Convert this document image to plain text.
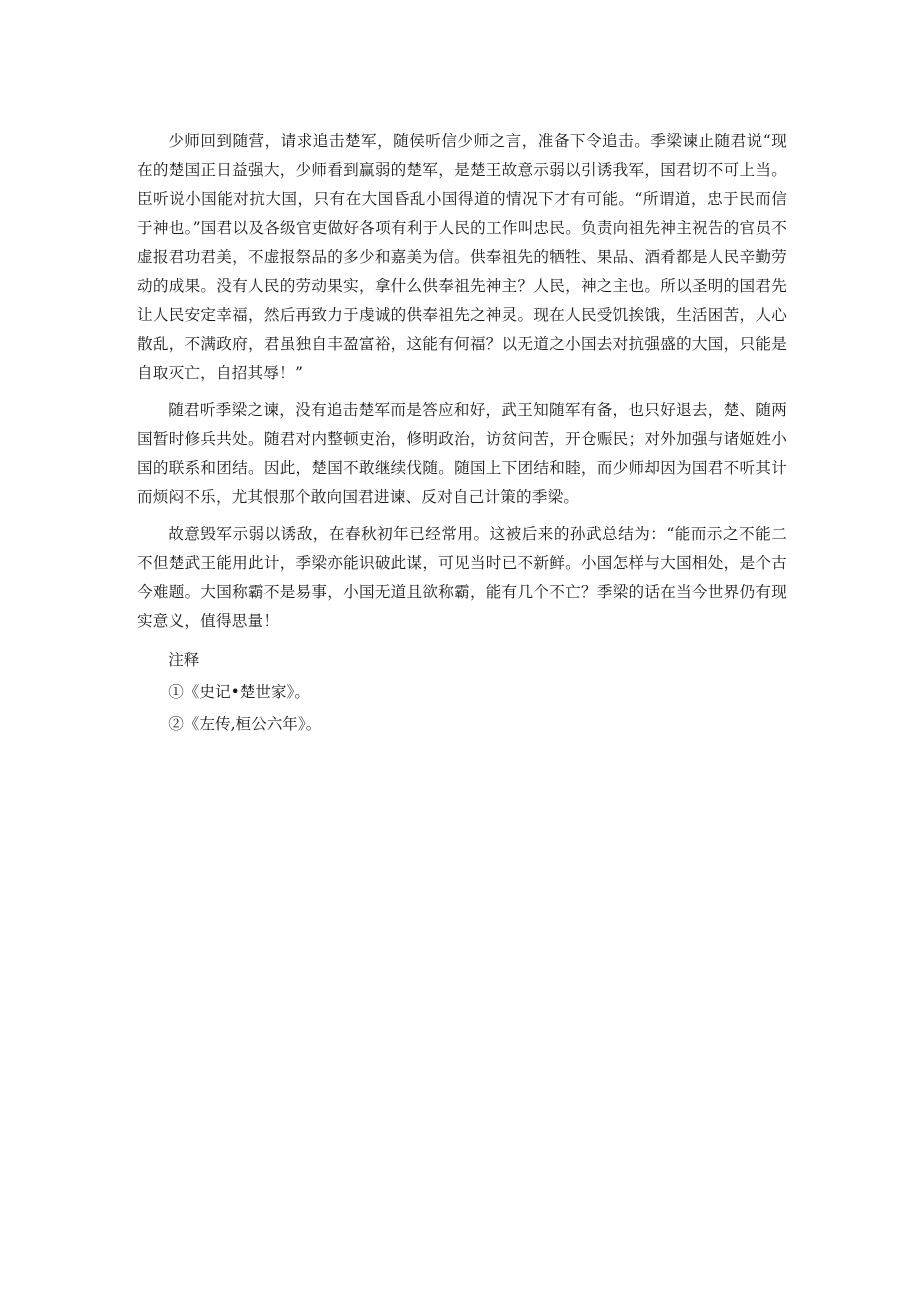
少师回到随营，请求追击楚军，随侯听信少师之言，准备下令追击。季梁谏止随君说“现在的楚国正日益强大，少师看到赢弱的楚军，是楚王故意示弱以引诱我军，国君切不可上当。臣听说小国能对抗大国，只有在大国昏乱小国得道的情况下才有可能。“所谓道，忠于民而信于神也。”国君以及各级官吏做好各项有利于人民的工作叫忠民。负责向祖先神主祝告的官员不虚报君功君美，不虚报祭品的多少和嘉美为信。供奉祖先的牺牲、果品、酒肴都是人民辛勤劳动的成果。没有人民的劳动果实，拿什么供奉祖先神主？人民，神之主也。所以圣明的国君先让人民安定幸福，然后再致力于虔诚的供奉祖先之神灵。现在人民受饥挨饿，生活困苦，人心散乱，不满政府，君虽独自丰盈富裕，这能有何福？以无道之小国去对抗强盛的大国，只能是自取灭亡，自招其辱！”

随君听季梁之谏，没有追击楚军而是答应和好，武王知随军有备，也只好退去，楚、随两国暂时修兵共处。随君对内整顿吏治，修明政治，访贫问苦，开仓赈民；对外加强与诸姬姓小国的联系和团结。因此，楚国不敢继续伐随。随国上下团结和睦，而少师却因为国君不听其计而烦闷不乐，尤其恨那个敢向国君进谏、反对自己计策的季梁。

故意毁军示弱以诱敌，在春秋初年已经常用。这被后来的孙武总结为：“能而示之不能二不但楚武王能用此计，季梁亦能识破此谋，可见当时已不新鲜。小国怎样与大国相处，是个古今难题。大国称霸不是易事，小国无道且欲称霸，能有几个不亡？季梁的话在当今世界仍有现实意义，值得思量！

注释

①《史记•楚世家》。

②《左传,桓公六年》。
